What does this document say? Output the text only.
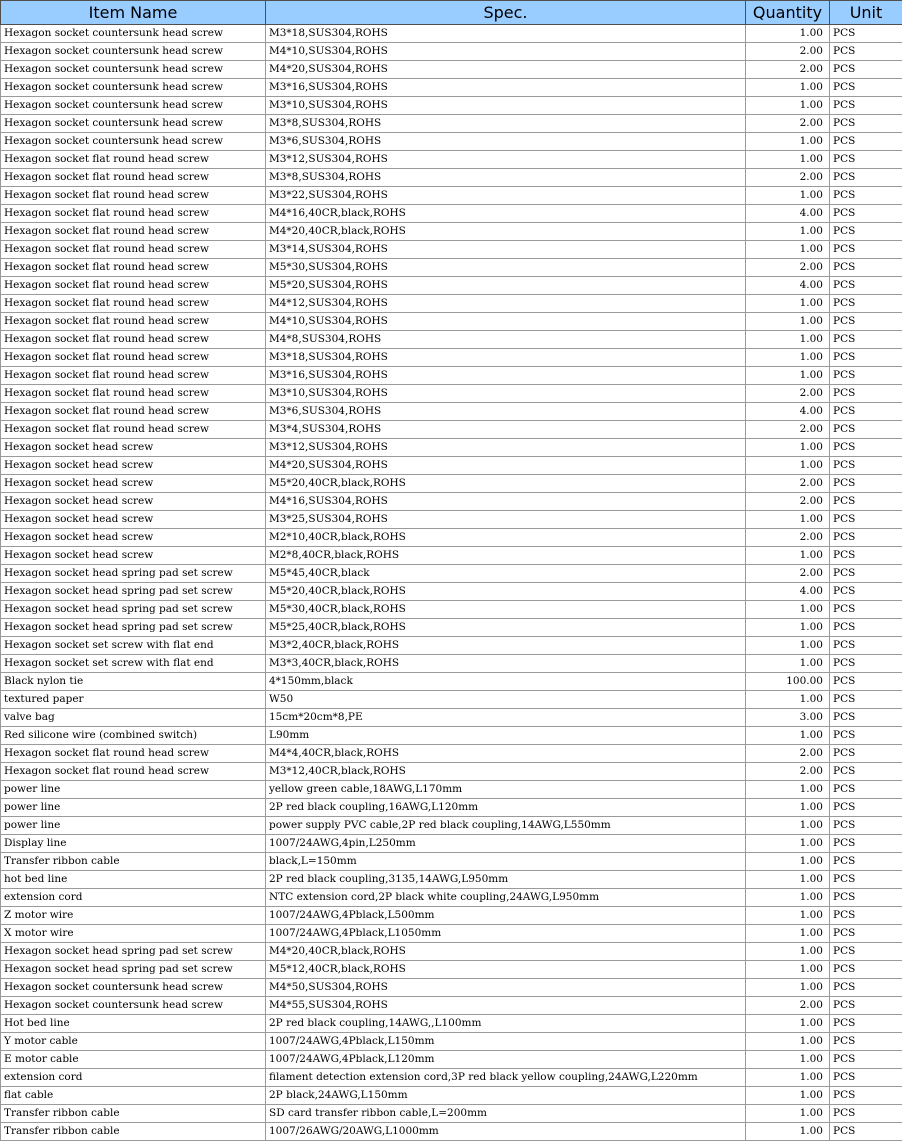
Item Name	Spec.	Quantity	Unit
Hexagon socket countersunk head screw	M3*18,SUS304,ROHS	1.00	PCS
Hexagon socket countersunk head screw	M4*10,SUS304,ROHS	2.00	PCS
Hexagon socket countersunk head screw	M4*20,SUS304,ROHS	2.00	PCS
Hexagon socket countersunk head screw	M3*16,SUS304,ROHS	1.00	PCS
Hexagon socket countersunk head screw	M3*10,SUS304,ROHS	1.00	PCS
Hexagon socket countersunk head screw	M3*8,SUS304,ROHS	2.00	PCS
Hexagon socket countersunk head screw	M3*6,SUS304,ROHS	1.00	PCS
Hexagon socket flat round head screw	M3*12,SUS304,ROHS	1.00	PCS
Hexagon socket flat round head screw	M3*8,SUS304,ROHS	2.00	PCS
Hexagon socket flat round head screw	M3*22,SUS304,ROHS	1.00	PCS
Hexagon socket flat round head screw	M4*16,40CR,black,ROHS	4.00	PCS
Hexagon socket flat round head screw	M4*20,40CR,black,ROHS	1.00	PCS
Hexagon socket flat round head screw	M3*14,SUS304,ROHS	1.00	PCS
Hexagon socket flat round head screw	M5*30,SUS304,ROHS	2.00	PCS
Hexagon socket flat round head screw	M5*20,SUS304,ROHS	4.00	PCS
Hexagon socket flat round head screw	M4*12,SUS304,ROHS	1.00	PCS
Hexagon socket flat round head screw	M4*10,SUS304,ROHS	1.00	PCS
Hexagon socket flat round head screw	M4*8,SUS304,ROHS	1.00	PCS
Hexagon socket flat round head screw	M3*18,SUS304,ROHS	1.00	PCS
Hexagon socket flat round head screw	M3*16,SUS304,ROHS	1.00	PCS
Hexagon socket flat round head screw	M3*10,SUS304,ROHS	2.00	PCS
Hexagon socket flat round head screw	M3*6,SUS304,ROHS	4.00	PCS
Hexagon socket flat round head screw	M3*4,SUS304,ROHS	2.00	PCS
Hexagon socket head screw	M3*12,SUS304,ROHS	1.00	PCS
Hexagon socket head screw	M4*20,SUS304,ROHS	1.00	PCS
Hexagon socket head screw	M5*20,40CR,black,ROHS	2.00	PCS
Hexagon socket head screw	M4*16,SUS304,ROHS	2.00	PCS
Hexagon socket head screw	M3*25,SUS304,ROHS	1.00	PCS
Hexagon socket head screw	M2*10,40CR,black,ROHS	2.00	PCS
Hexagon socket head screw	M2*8,40CR,black,ROHS	1.00	PCS
Hexagon socket head spring pad set screw	M5*45,40CR,black	2.00	PCS
Hexagon socket head spring pad set screw	M5*20,40CR,black,ROHS	4.00	PCS
Hexagon socket head spring pad set screw	M5*30,40CR,black,ROHS	1.00	PCS
Hexagon socket head spring pad set screw	M5*25,40CR,black,ROHS	1.00	PCS
Hexagon socket set screw with flat end	M3*2,40CR,black,ROHS	1.00	PCS
Hexagon socket set screw with flat end	M3*3,40CR,black,ROHS	1.00	PCS
Black nylon tie	4*150mm,black	100.00	PCS
textured paper	W50	1.00	PCS
valve bag	15cm*20cm*8,PE	3.00	PCS
Red silicone wire (combined switch)	L90mm	1.00	PCS
Hexagon socket flat round head screw	M4*4,40CR,black,ROHS	2.00	PCS
Hexagon socket flat round head screw	M3*12,40CR,black,ROHS	2.00	PCS
power line	yellow green cable,18AWG,L170mm	1.00	PCS
power line	2P red black coupling,16AWG,L120mm	1.00	PCS
power line	power supply PVC cable,2P red black coupling,14AWG,L550mm	1.00	PCS
Display line	1007/24AWG,4pin,L250mm	1.00	PCS
Transfer ribbon cable	black,L=150mm	1.00	PCS
hot bed line	2P red black coupling,3135,14AWG,L950mm	1.00	PCS
extension cord	NTC extension cord,2P black white coupling,24AWG,L950mm	1.00	PCS
Z motor wire	1007/24AWG,4Pblack,L500mm	1.00	PCS
X motor wire	1007/24AWG,4Pblack,L1050mm	1.00	PCS
Hexagon socket head spring pad set screw	M4*20,40CR,black,ROHS	1.00	PCS
Hexagon socket head spring pad set screw	M5*12,40CR,black,ROHS	1.00	PCS
Hexagon socket countersunk head screw	M4*50,SUS304,ROHS	1.00	PCS
Hexagon socket countersunk head screw	M4*55,SUS304,ROHS	2.00	PCS
Hot bed line	2P red black coupling,14AWG,,L100mm	1.00	PCS
Y motor cable	1007/24AWG,4Pblack,L150mm	1.00	PCS
E motor cable	1007/24AWG,4Pblack,L120mm	1.00	PCS
extension cord	filament detection extension cord,3P red black yellow coupling,24AWG,L220mm	1.00	PCS
flat cable	2P black,24AWG,L150mm	1.00	PCS
Transfer ribbon cable	SD card transfer ribbon cable,L=200mm	1.00	PCS
Transfer ribbon cable	1007/26AWG/20AWG,L1000mm	1.00	PCS
